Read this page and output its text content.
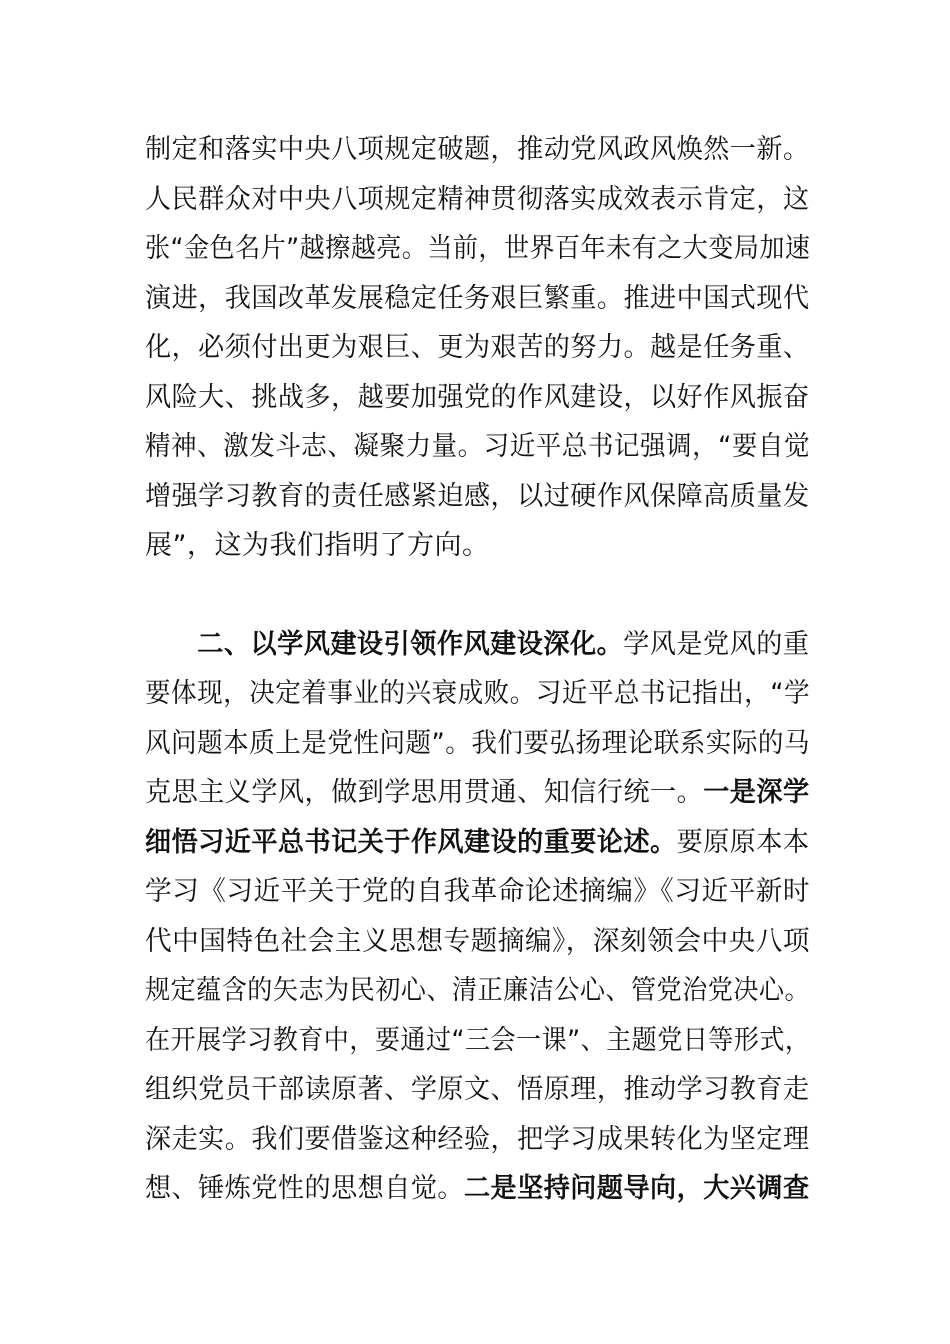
制定和落实中央八项规定破题，推动党风政风焕然一新。
人民群众对中央八项规定精神贯彻落实成效表示肯定，这
张“金色名片”越擦越亮。当前，世界百年未有之大变局加速
演进，我国改革发展稳定任务艰巨繁重。推进中国式现代
化，必须付出更为艰巨、更为艰苦的努力。越是任务重、
风险大、挑战多，越要加强党的作风建设，以好作风振奋
精神、激发斗志、凝聚力量。习近平总书记强调，“要自觉
增强学习教育的责任感紧迫感，以过硬作风保障高质量发
展”，这为我们指明了方向。
二、以学风建设引领作风建设深化。学风是党风的重
要体现，决定着事业的兴衰成败。习近平总书记指出，“学
风问题本质上是党性问题”。我们要弘扬理论联系实际的马
克思主义学风，做到学思用贯通、知信行统一。一是深学
细悟习近平总书记关于作风建设的重要论述。要原原本本
学习《习近平关于党的自我革命论述摘编》《习近平新时
代中国特色社会主义思想专题摘编》，深刻领会中央八项
规定蕴含的矢志为民初心、清正廉洁公心、管党治党决心。
在开展学习教育中，要通过“三会一课”、主题党日等形式，
组织党员干部读原著、学原文、悟原理，推动学习教育走
深走实。我们要借鉴这种经验，把学习成果转化为坚定理
想、锤炼党性的思想自觉。二是坚持问题导向，大兴调查
